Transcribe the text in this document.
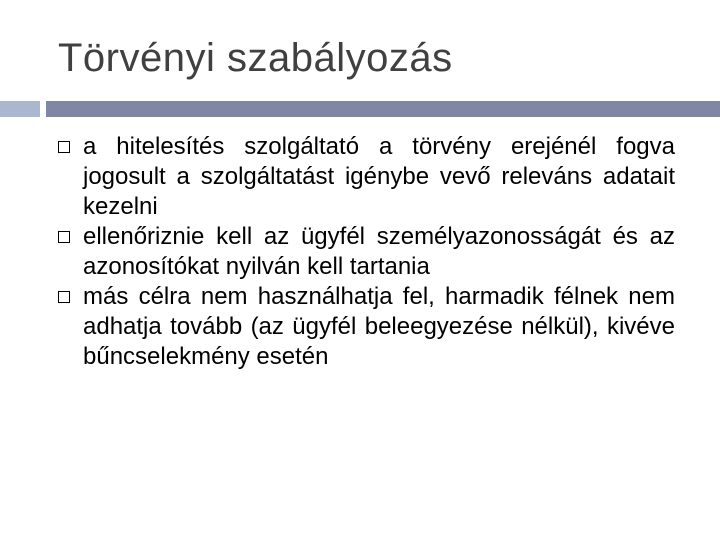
Törvényi szabályozás
a hitelesítés szolgáltató a törvény erejénél fogva jogosult a szolgáltatást igénybe vevő releváns adatait kezelni
ellenőriznie kell az ügyfél személyazonosságát és az azonosítókat nyilván kell tartania
más célra nem használhatja fel, harmadik félnek nem adhatja tovább (az ügyfél beleegyezése nélkül), kivéve bűncselekmény esetén
